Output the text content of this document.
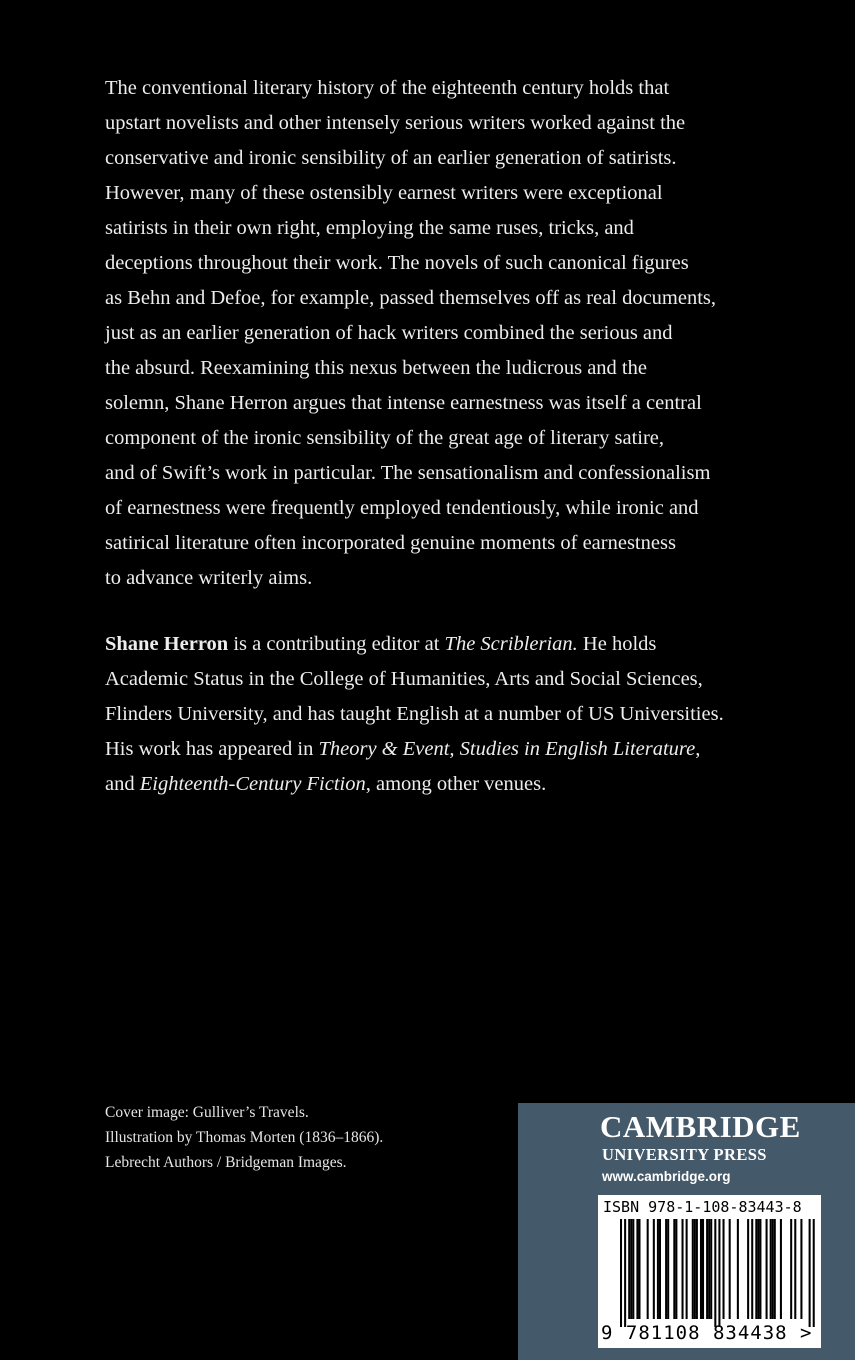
The conventional literary history of the eighteenth century holds that
upstart novelists and other intensely serious writers worked against the
conservative and ironic sensibility of an earlier generation of satirists.
However, many of these ostensibly earnest writers were exceptional
satirists in their own right, employing the same ruses, tricks, and
deceptions throughout their work. The novels of such canonical figures
as Behn and Defoe, for example, passed themselves off as real documents,
just as an earlier generation of hack writers combined the serious and
the absurd. Reexamining this nexus between the ludicrous and the
solemn, Shane Herron argues that intense earnestness was itself a central
component of the ironic sensibility of the great age of literary satire,
and of Swift’s work in particular. The sensationalism and confessionalism
of earnestness were frequently employed tendentiously, while ironic and
satirical literature often incorporated genuine moments of earnestness
to advance writerly aims.
Shane Herron is a contributing editor at The Scriblerian. He holds
Academic Status in the College of Humanities, Arts and Social Sciences,
Flinders University, and has taught English at a number of US Universities.
His work has appeared in Theory & Event, Studies in English Literature,
and Eighteenth-Century Fiction, among other venues.
Cover image: Gulliver’s Travels.
Illustration by Thomas Morten (1836–1866).
Lebrecht Authors / Bridgeman Images.
CAMBRIDGE
UNIVERSITY PRESS
www.cambridge.org
ISBN 978-1-108-83443-8
9 781108 834438 >
